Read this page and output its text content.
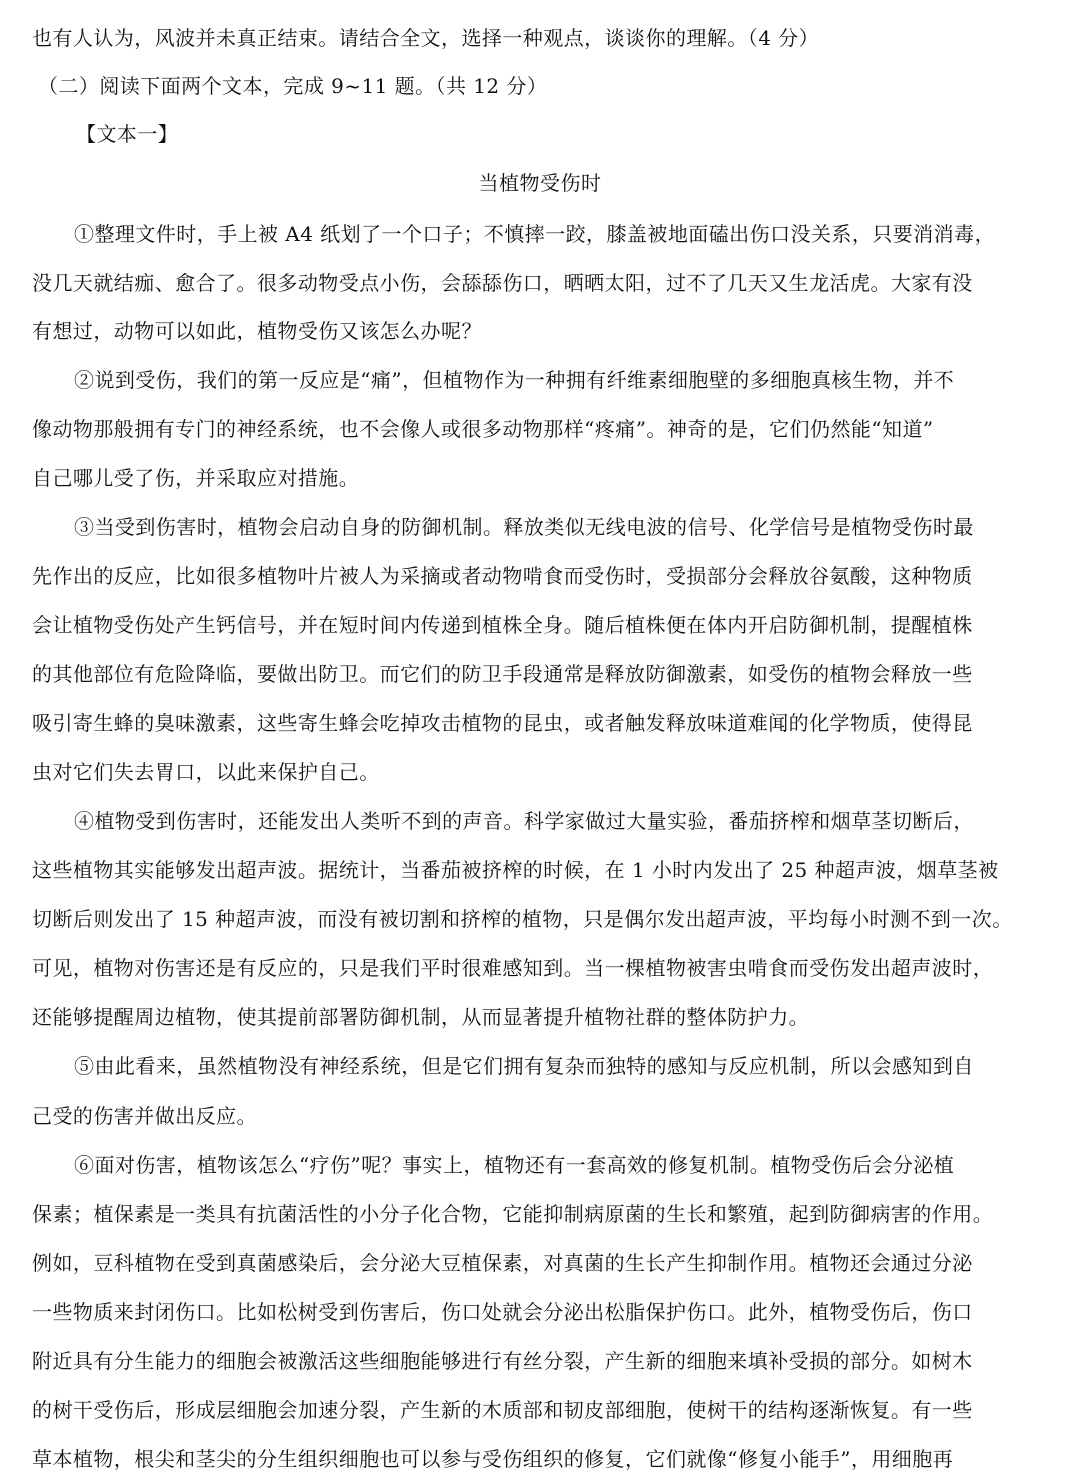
也有人认为，风波并未真正结束。请结合全文，选择一种观点，谈谈你的理解。（4 分）
（二）阅读下面两个文本，完成 9~11 题。（共 12 分）
【文本一】
当植物受伤时
①整理文件时，手上被 A4 纸划了一个口子；不慎摔一跤，膝盖被地面磕出伤口没关系，只要消消毒，
没几天就结痂、愈合了。很多动物受点小伤，会舔舔伤口，晒晒太阳，过不了几天又生龙活虎。大家有没
有想过，动物可以如此，植物受伤又该怎么办呢？
②说到受伤，我们的第一反应是“痛”，但植物作为一种拥有纤维素细胞壁的多细胞真核生物，并不
像动物那般拥有专门的神经系统，也不会像人或很多动物那样“疼痛”。神奇的是，它们仍然能“知道”
自己哪儿受了伤，并采取应对措施。
③当受到伤害时，植物会启动自身的防御机制。释放类似无线电波的信号、化学信号是植物受伤时最
先作出的反应，比如很多植物叶片被人为采摘或者动物啃食而受伤时，受损部分会释放谷氨酸，这种物质
会让植物受伤处产生钙信号，并在短时间内传递到植株全身。随后植株便在体内开启防御机制，提醒植株
的其他部位有危险降临，要做出防卫。而它们的防卫手段通常是释放防御激素，如受伤的植物会释放一些
吸引寄生蜂的臭味激素，这些寄生蜂会吃掉攻击植物的昆虫，或者触发释放味道难闻的化学物质，使得昆
虫对它们失去胃口，以此来保护自己。
④植物受到伤害时，还能发出人类听不到的声音。科学家做过大量实验，番茄挤榨和烟草茎切断后，
这些植物其实能够发出超声波。据统计，当番茄被挤榨的时候，在 1 小时内发出了 25 种超声波，烟草茎被
切断后则发出了 15 种超声波，而没有被切割和挤榨的植物，只是偶尔发出超声波，平均每小时测不到一次。
可见，植物对伤害还是有反应的，只是我们平时很难感知到。当一棵植物被害虫啃食而受伤发出超声波时，
还能够提醒周边植物，使其提前部署防御机制，从而显著提升植物社群的整体防护力。
⑤由此看来，虽然植物没有神经系统，但是它们拥有复杂而独特的感知与反应机制，所以会感知到自
己受的伤害并做出反应。
⑥面对伤害，植物该怎么“疗伤”呢？事实上，植物还有一套高效的修复机制。植物受伤后会分泌植
保素；植保素是一类具有抗菌活性的小分子化合物，它能抑制病原菌的生长和繁殖，起到防御病害的作用。
例如，豆科植物在受到真菌感染后，会分泌大豆植保素，对真菌的生长产生抑制作用。植物还会通过分泌
一些物质来封闭伤口。比如松树受到伤害后，伤口处就会分泌出松脂保护伤口。此外，植物受伤后，伤口
附近具有分生能力的细胞会被激活这些细胞能够进行有丝分裂，产生新的细胞来填补受损的部分。如树木
的树干受伤后，形成层细胞会加速分裂，产生新的木质部和韧皮部细胞，使树干的结构逐渐恢复。有一些
草本植物，根尖和茎尖的分生组织细胞也可以参与受伤组织的修复，它们就像“修复小能手”，用细胞再
